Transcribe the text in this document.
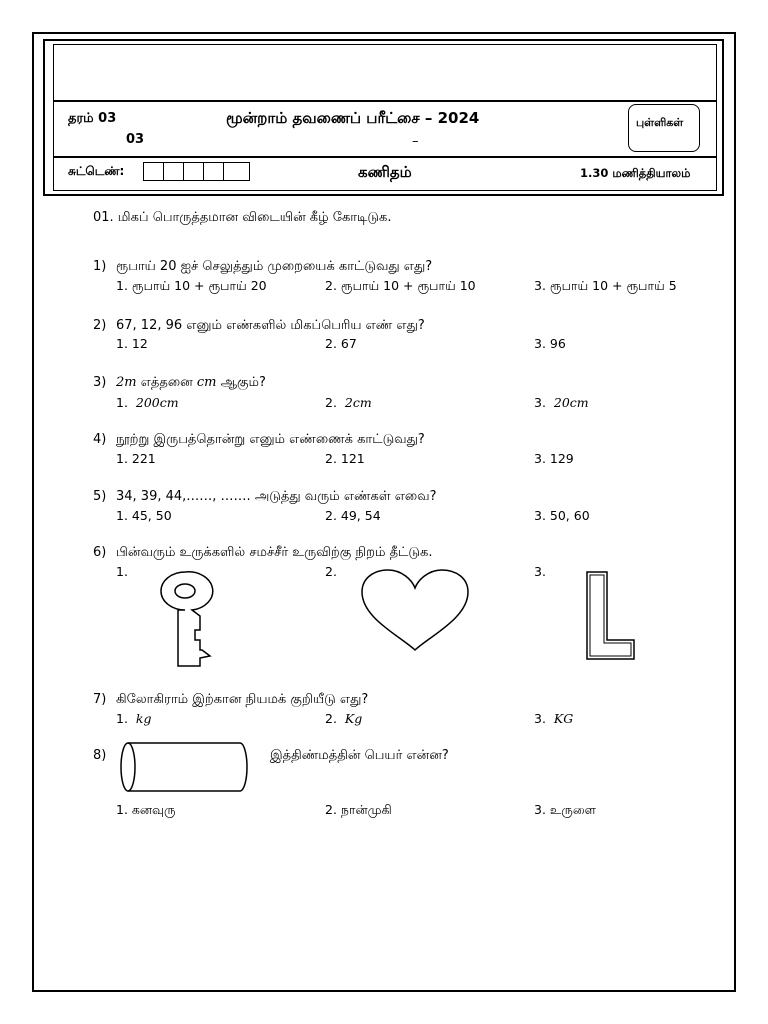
தரம் 03
03
மூன்றாம் தவணைப் பரீட்சை – 2024
–
புள்ளிகள்
சுட்டெண்:	கணிதம்	1.30 மணித்தியாலம்
01. மிகப் பொருத்தமான விடையின் கீழ் கோடிடுக.
1) ரூபாய் 20 ஐச் செலுத்தும் முறையைக் காட்டுவது எது?
1. ரூபாய் 10 + ரூபாய் 20	2. ரூபாய் 10 + ரூபாய் 10	3. ரூபாய் 10 + ரூபாய் 5
2) 67, 12, 96 எனும் எண்களில் மிகப்பெரிய எண் எது?
1. 12	2. 67	3. 96
3) 2m எத்தனை cm ஆகும்?
1. 200cm	2. 2cm	3. 20cm
4) நூற்று இருபத்தொன்று எனும் எண்ணைக் காட்டுவது?
1. 221	2. 121	3. 129
5) 34, 39, 44,……, ……. அடுத்து வரும் எண்கள் எவை?
1. 45, 50	2. 49, 54	3. 50, 60
6) பின்வரும் உருக்களில் சமச்சீர் உருவிற்கு நிறம் தீட்டுக.
1.	2.	3.
7) கிலோகிராம் இற்கான நியமக் குறியீடு எது?
1. kg	2. Kg	3. KG
8)	இத்திண்மத்தின் பெயர் என்ன?
1. கனவுரு	2. நான்முகி	3. உருளை
